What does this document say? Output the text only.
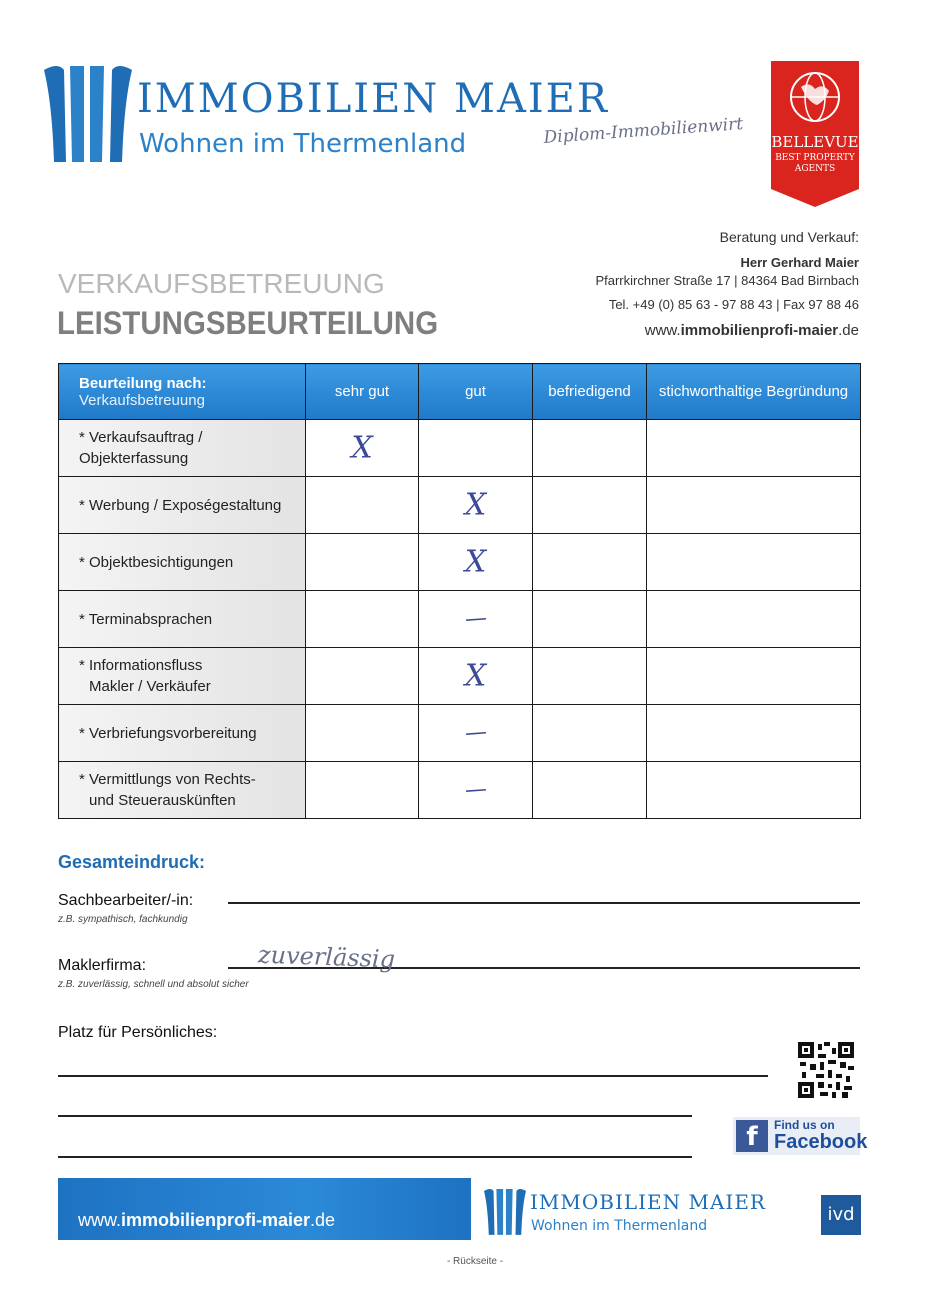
IMMOBILIEN MAIER
Wohnen im Thermenland	Diplom-Immobilienwirt BELLEVUE
BEST PROPERTY
AGENTS
Beratung und Verkauf:
Herr Gerhard Maier
Pfarrkirchner Straße 17 | 84364 Bad Birnbach
Tel. +49 (0) 85 63 - 97 88 43 | Fax 97 88 46
www.immobilienprofi-maier.de
VERKAUFSBETREUUNG
LEISTUNGSBEURTEILUNG
Beurteilung nach:
Verkaufsbetreuung	sehr gut	gut	befriedigend	stichworthaltige Begründung
* Verkaufsauftrag / Objekterfassung	X			

* Werbung / Exposégestaltung		X		

* Objektbesichtigungen		X		

* Terminabsprachen		—		

* Informationsfluss
Makler / Verkäufer		X		

* Verbriefungsvorbereitung		—		

* Vermittlungs von Rechts-
und Steuerauskünften		—		

Gesamteindruck:
Sachbearbeiter/-in:
z.B. sympathisch, fachkundig
Maklerfirma:
z.B. zuverlässig, schnell und absolut sicher
zuverlässig
Platz für Persönliches:
f	Find us on
Facebook
www.immobilienprofi-maier.de
IMMOBILIEN MAIER
Wohnen im Thermenland
ivd
- Rückseite -
